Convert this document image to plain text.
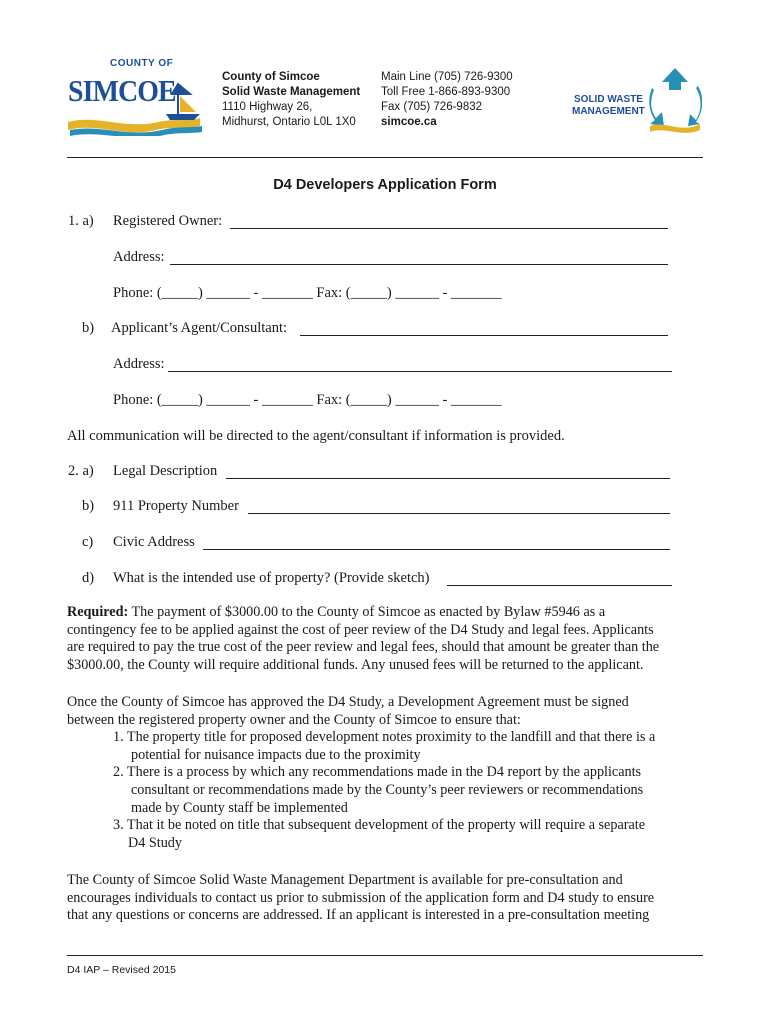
COUNTY OF
SIMCOE	County of Simcoe
Solid Waste Management
1110 Highway 26,
Midhurst, Ontario L0L 1X0
Main Line (705) 726-9300
Toll Free 1-866-893-9300
Fax (705) 726-9832
simcoe.ca
SOLID WASTE
MANAGEMENT
D4 Developers Application Form
1. a) Registered Owner:
Address:
Phone: (_____) ______ - _______ Fax: (_____) ______ - _______
b) Applicant’s Agent/Consultant:
Address:
Phone: (_____) ______ - _______ Fax: (_____) ______ - _______
All communication will be directed to the agent/consultant if information is provided.
2. a) Legal Description
b) 911 Property Number
c) Civic Address
d) What is the intended use of property? (Provide sketch)
Required: The payment of $3000.00 to the County of Simcoe as enacted by Bylaw #5946 as a
contingency fee to be applied against the cost of peer review of the D4 Study and legal fees. Applicants
are required to pay the true cost of the peer review and legal fees, should that amount be greater than the
$3000.00, the County will require additional funds. Any unused fees will be returned to the applicant.
Once the County of Simcoe has approved the D4 Study, a Development Agreement must be signed
between the registered property owner and the County of Simcoe to ensure that:
1. The property title for proposed development notes proximity to the landfill and that there is a
potential for nuisance impacts due to the proximity
2. There is a process by which any recommendations made in the D4 report by the applicants
consultant or recommendations made by the County’s peer reviewers or recommendations
made by County staff be implemented
3. That it be noted on title that subsequent development of the property will require a separate
D4 Study
The County of Simcoe Solid Waste Management Department is available for pre-consultation and
encourages individuals to contact us prior to submission of the application form and D4 study to ensure
that any questions or concerns are addressed. If an applicant is interested in a pre-consultation meeting
D4 IAP – Revised 2015
